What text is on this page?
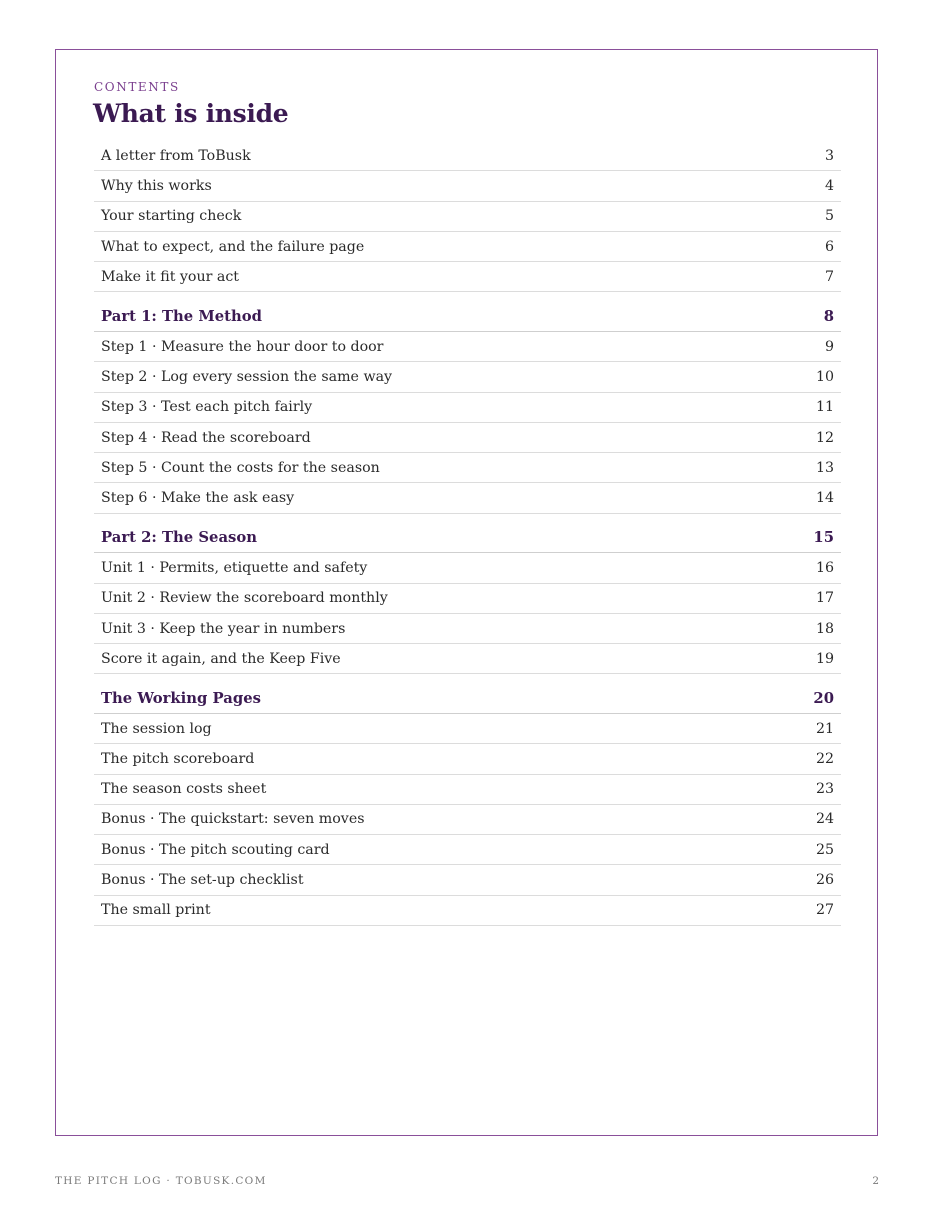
CONTENTS
What is inside
A letter from ToBusk	3
Why this works	4
Your starting check	5
What to expect, and the failure page	6
Make it fit your act	7
Part 1: The Method	8
Step 1 · Measure the hour door to door	9
Step 2 · Log every session the same way	10
Step 3 · Test each pitch fairly	11
Step 4 · Read the scoreboard	12
Step 5 · Count the costs for the season	13
Step 6 · Make the ask easy	14
Part 2: The Season	15
Unit 1 · Permits, etiquette and safety	16
Unit 2 · Review the scoreboard monthly	17
Unit 3 · Keep the year in numbers	18
Score it again, and the Keep Five	19
The Working Pages	20
The session log	21
The pitch scoreboard	22
The season costs sheet	23
Bonus · The quickstart: seven moves	24
Bonus · The pitch scouting card	25
Bonus · The set-up checklist	26
The small print	27
THE PITCH LOG · TOBUSK.COM	2
